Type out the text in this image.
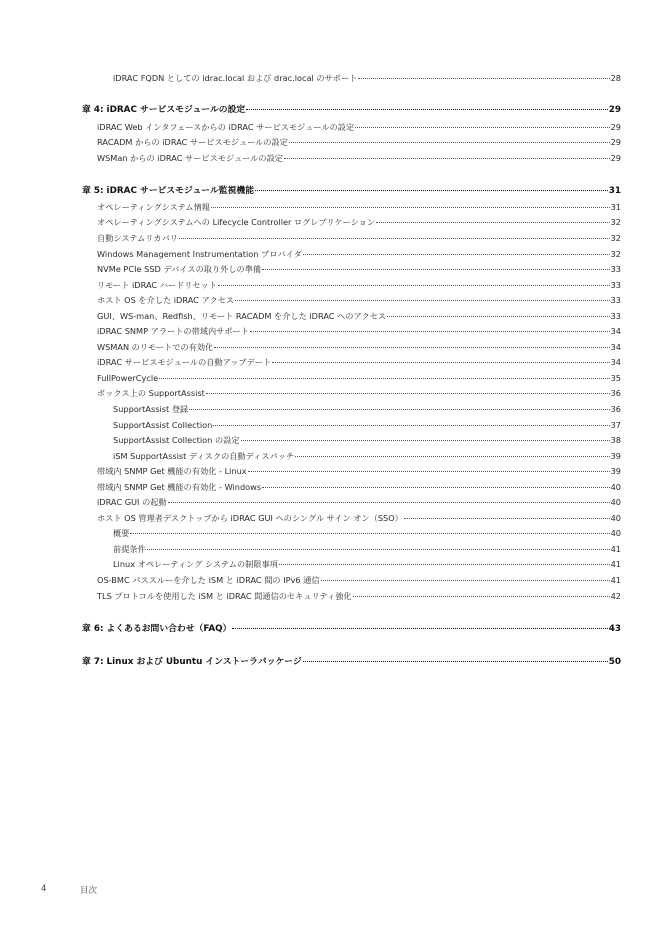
iDRAC FQDN としての idrac.local および drac.local のサポート	28
章 4: iDRAC サービスモジュールの設定	29
iDRAC Web インタフェースからの iDRAC サービスモジュールの設定	29
RACADM からの iDRAC サービスモジュールの設定	29
WSMan からの iDRAC サービスモジュールの設定	29
章 5: iDRAC サービスモジュール監視機能	31
オペレーティングシステム情報	31
オペレーティングシステムへの Lifecycle Controller ログレプリケーション	32
自動システムリカバリ	32
Windows Management Instrumentation プロバイダ	32
NVMe PCIe SSD デバイスの取り外しの準備	33
リモート iDRAC ハードリセット	33
ホスト OS を介した iDRAC アクセス	33
GUI、WS-man、Redfish、リモート RACADM を介した iDRAC へのアクセス	33
iDRAC SNMP アラートの帯域内サポート	34
WSMAN のリモートでの有効化	34
iDRAC サービスモジュールの自動アップデート	34
FullPowerCycle	35
ボックス上の SupportAssist	36
SupportAssist 登録	36
SupportAssist Collection	37
SupportAssist Collection の設定	38
iSM SupportAssist ディスクの自動ディスパッチ	39
帯域内 SNMP Get 機能の有効化 - Linux	39
帯域内 SNMP Get 機能の有効化 - Windows	40
iDRAC GUI の起動	40
ホスト OS 管理者デスクトップから iDRAC GUI へのシングル サイン オン（SSO）	40
概要	40
前提条件	41
Linux オペレーティング システムの制限事項	41
OS-BMC パススルーを介した iSM と iDRAC 間の IPv6 通信	41
TLS プロトコルを使用した iSM と iDRAC 間通信のセキュリティ強化	42
章 6: よくあるお問い合わせ（FAQ）	43
章 7: Linux および Ubuntu インストーラパッケージ	50
4	目次
